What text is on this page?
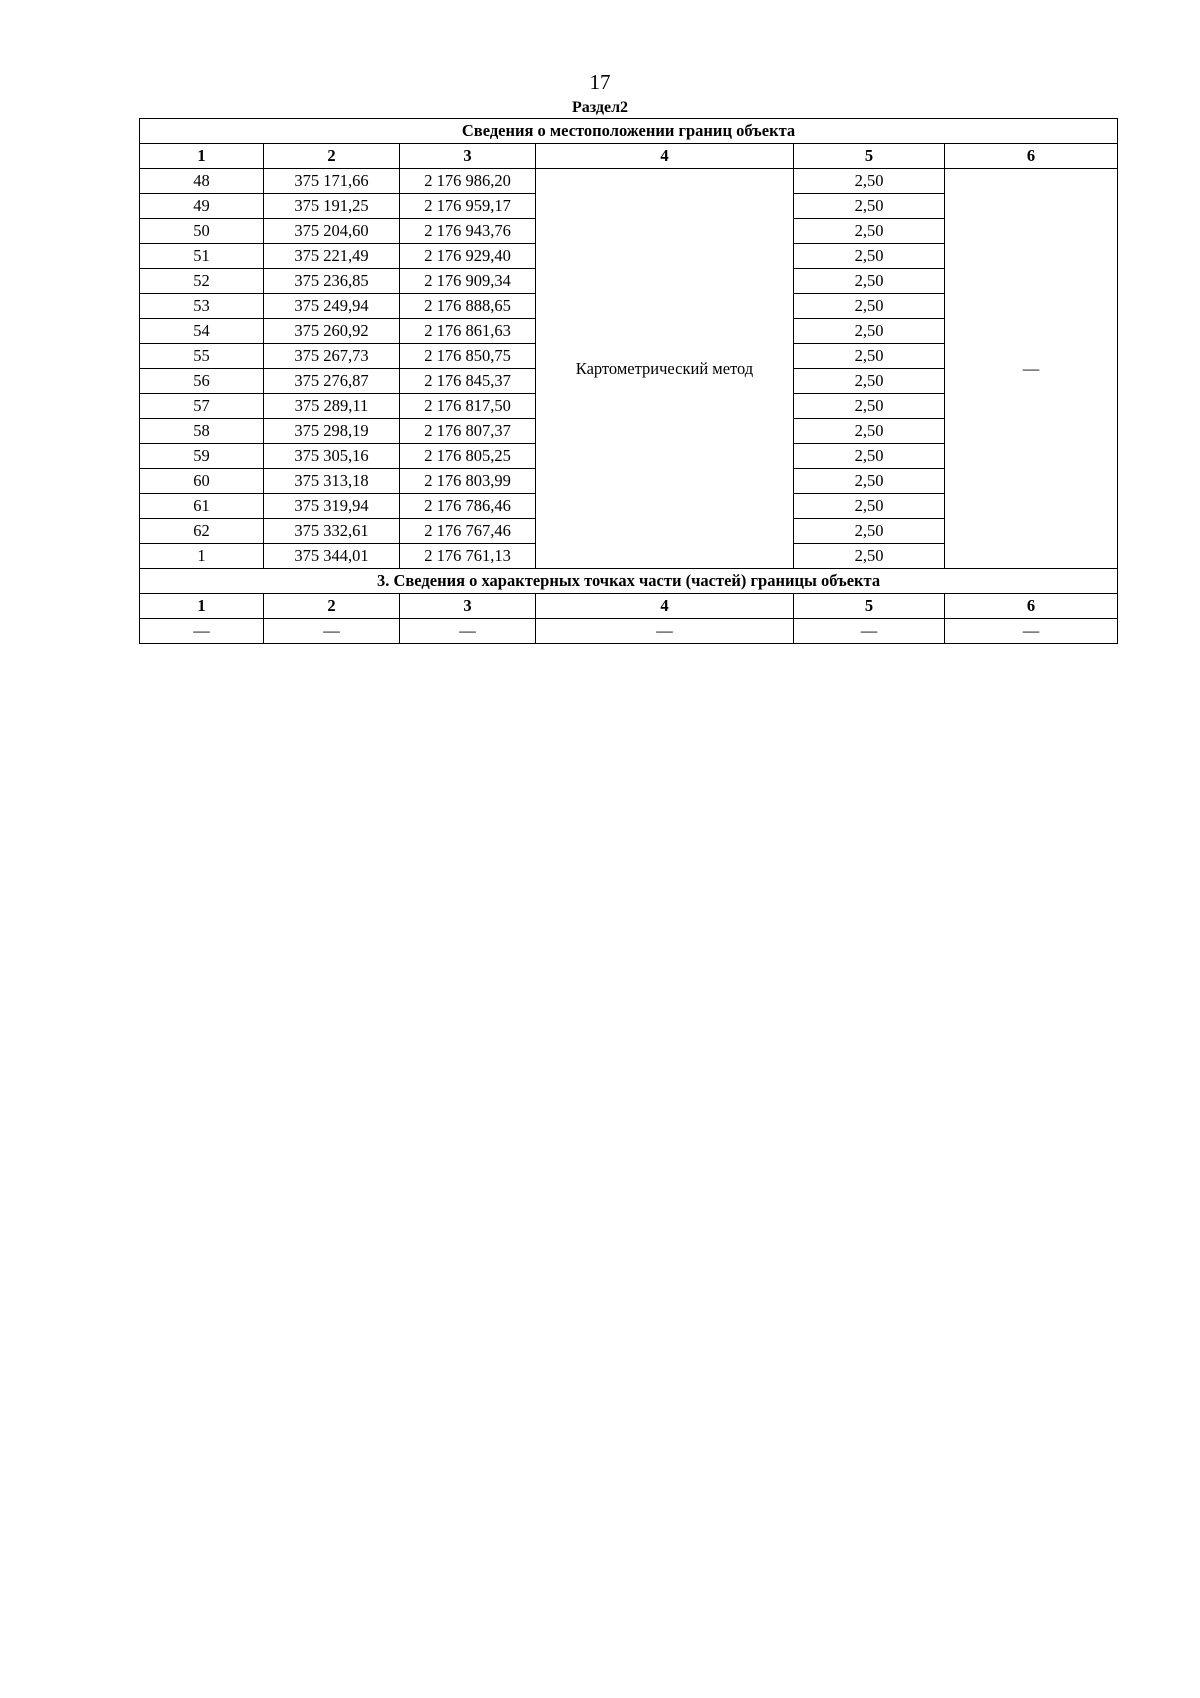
17
Раздел2
Сведения о местоположении границ объекта					
1	2	3	4	5	6
48	375 171,66	2 176 986,20	Картометрический метод	2,50	—
49	375 191,25	2 176 959,17		2,50	
50	375 204,60	2 176 943,76		2,50	
51	375 221,49	2 176 929,40		2,50	
52	375 236,85	2 176 909,34		2,50	
53	375 249,94	2 176 888,65		2,50	
54	375 260,92	2 176 861,63		2,50	
55	375 267,73	2 176 850,75		2,50	
56	375 276,87	2 176 845,37		2,50	
57	375 289,11	2 176 817,50		2,50	
58	375 298,19	2 176 807,37		2,50	
59	375 305,16	2 176 805,25		2,50	
60	375 313,18	2 176 803,99		2,50	
61	375 319,94	2 176 786,46		2,50	
62	375 332,61	2 176 767,46		2,50	
1	375 344,01	2 176 761,13		2,50	
3. Сведения о характерных точках части (частей) границы объекта					
1	2	3	4	5	6
—	—	—	—	—	—
